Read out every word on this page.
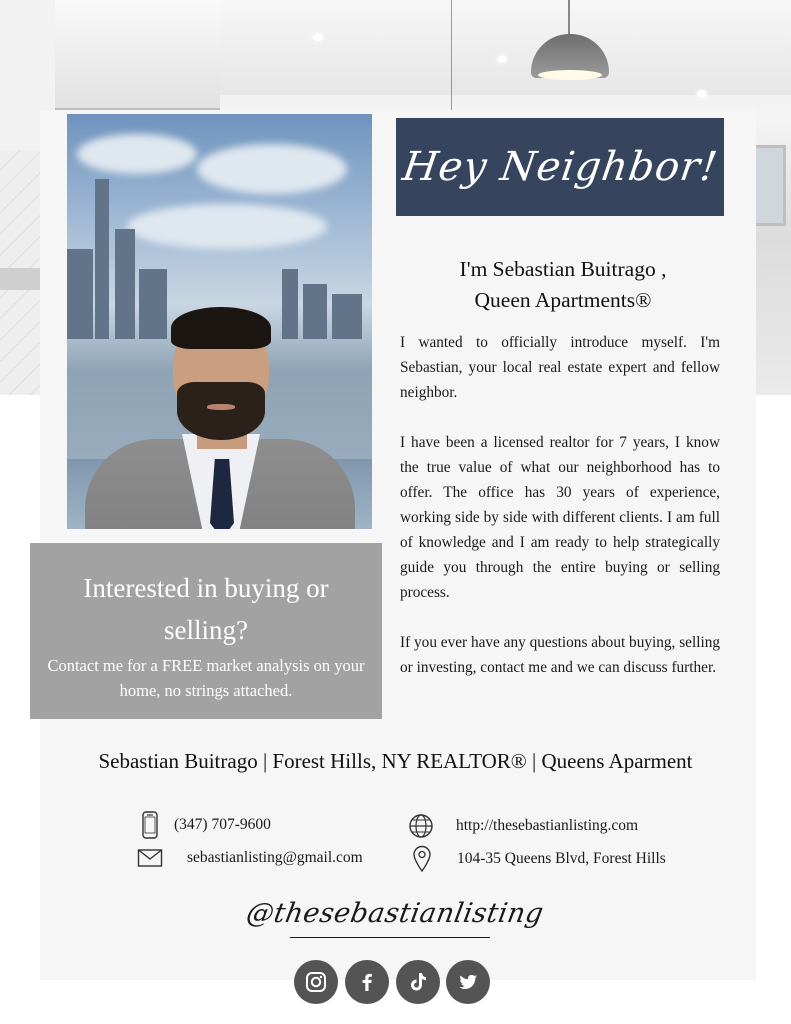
Hey Neighbor!
I'm Sebastian Buitrago ,
Queen Apartments®

I wanted to officially introduce myself. I'm Sebastian, your local real estate expert and fellow neighbor.

I have been a licensed realtor for 7 years, I know the true value of what our neighborhood has to offer. The office has 30 years of experience, working side by side with different clients. I am full of knowledge and I am ready to help strategically guide you through the entire buying or selling process.

If you ever have any questions about buying, selling or investing, contact me and we can discuss further.

Interested in buying or selling?
Contact me for a FREE market analysis on your home, no strings attached.
Sebastian Buitrago | Forest Hills, NY REALTOR® | Queens Aparment
(347) 707-9600
sebastianlisting@gmail.com
http://thesebastianlisting.com
104-35 Queens Blvd, Forest Hills
@thesebastianlisting
